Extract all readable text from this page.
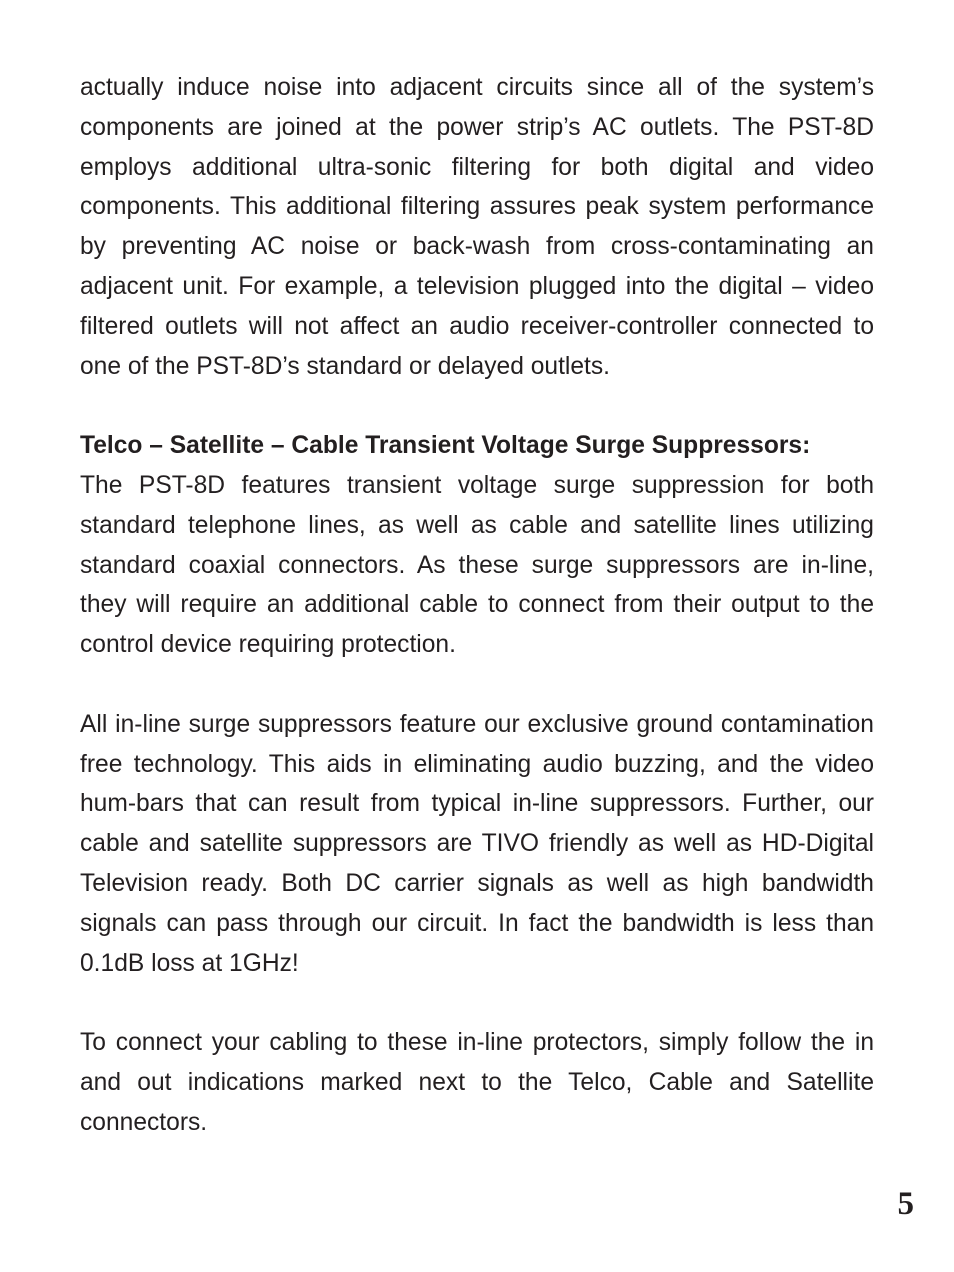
actually induce noise into adjacent circuits since all of the system’s components are joined at the power strip’s AC outlets. The PST-8D employs additional ultra-sonic filtering for both digital and video components. This additional filtering assures peak system performance by preventing AC noise or back-wash from cross-contaminating an adjacent unit. For example, a television plugged into the digital – video filtered outlets will not affect an audio receiver-controller connected to one of the PST-8D’s standard or delayed outlets.

Telco – Satellite – Cable Transient Voltage Surge Suppressors:
The PST-8D features transient voltage surge suppression for both standard telephone lines, as well as cable and satellite lines utilizing standard coaxial connectors. As these surge suppressors are in-line, they will require an additional cable to connect from their output to the control device requiring protection.

All in-line surge suppressors feature our exclusive ground contamination free technology. This aids in eliminating audio buzzing, and the video hum-bars that can result from typical in-line suppressors. Further, our cable and satellite suppressors are TIVO friendly as well as HD-Digital Television ready. Both DC carrier signals as well as high bandwidth signals can pass through our circuit. In fact the bandwidth is less than 0.1dB loss at 1GHz!

To connect your cabling to these in-line protectors, simply follow the in and out indications marked next to the Telco, Cable and Satellite connectors.

5
